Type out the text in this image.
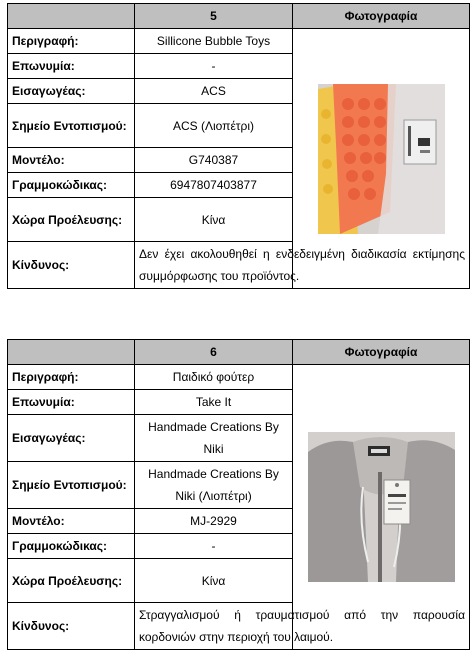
	5	Φωτογραφία
Περιγραφή:	Sillicone Bubble Toys	

Επωνυμία:	-	
Εισαγωγέας:	ACS	
Σημείο Εντοπισμού:	ACS (Λιοπέτρι)	
Μοντέλο:	G740387	
Γραμμοκώδικας:	6947807403877	
Χώρα Προέλευσης:	Κίνα	
Κίνδυνος:	Δεν έχει ακολουθηθεί η ενδεδειγμένη διαδικασία εκτίμησης συμμόρφωσης του προϊόντος.	
	6	Φωτογραφία
Περιγραφή:	Παιδικό φούτερ	

Επωνυμία:	Take It	
Εισαγωγέας:	Handmade Creations By Niki	
Σημείο Εντοπισμού:	Handmade Creations By Niki (Λιοπέτρι)	
Μοντέλο:	MJ-2929	
Γραμμοκώδικας:	-	
Χώρα Προέλευσης:	Κίνα	
Κίνδυνος:	Στραγγαλισμού ή τραυματισμού από την παρουσία κορδονιών στην περιοχή του λαιμού.	
